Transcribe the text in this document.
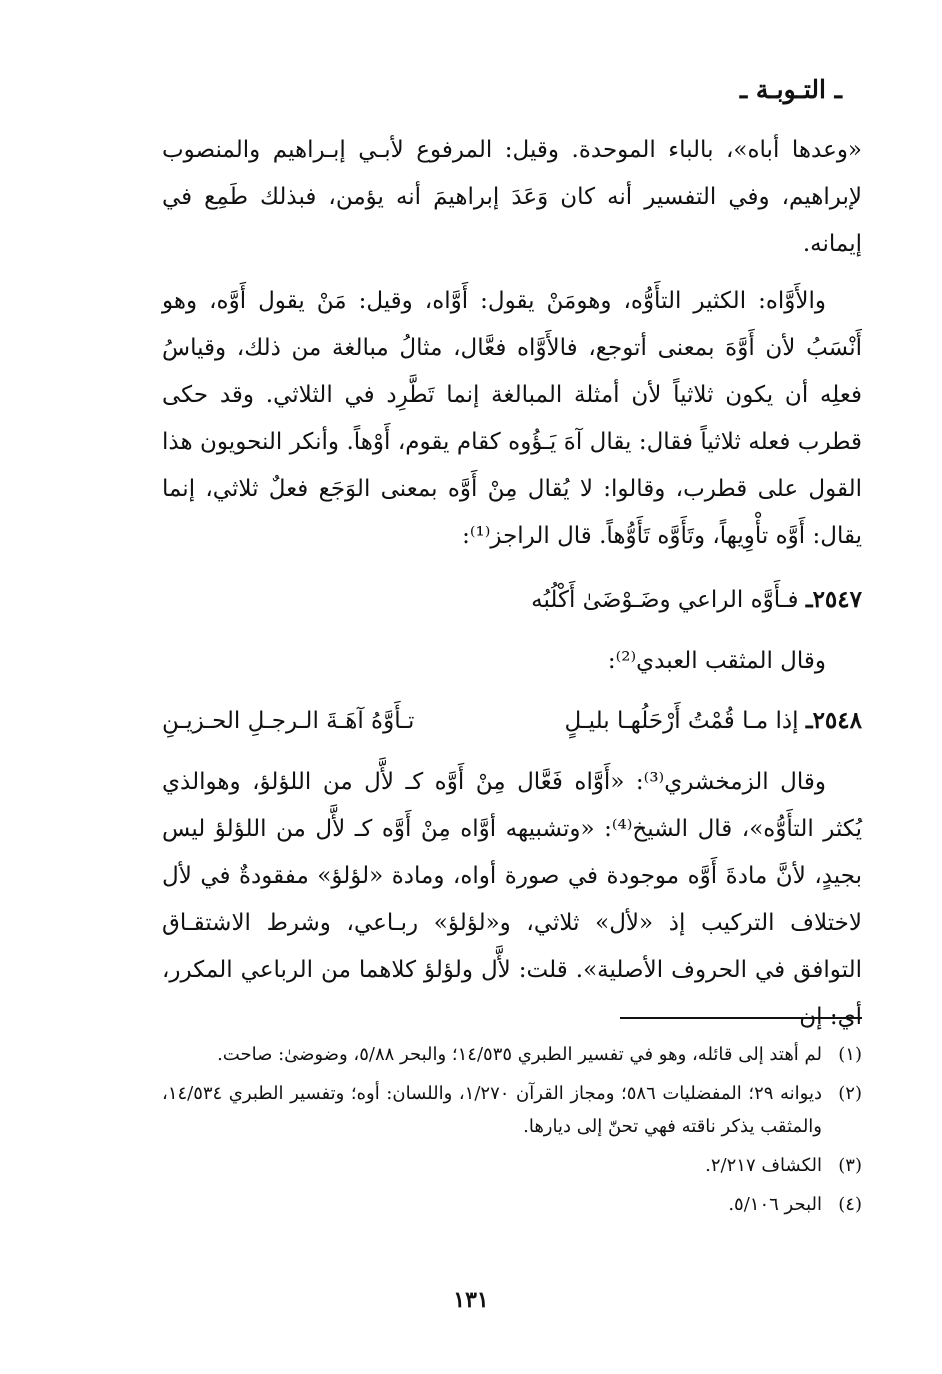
ـ التـوبـة ـ

«وعدها أباه»، بالباء الموحدة. وقيل: المرفوع لأبـي إبـراهيم والمنصوب لإبراهيم، وفي التفسير أنه كان وَعَدَ إبراهيمَ أنه يؤمن، فبذلك طَمِع في إيمانه.

والأَوَّاه: الكثير التأَوُّه، وهومَنْ يقول: أَوَّاه، وقيل: مَنْ يقول أَوَّه، وهو أَنْسَبُ لأن أَوَّهَ بمعنى أتوجع، فالأَوَّاه فعَّال، مثالُ مبالغة من ذلك، وقياسُ فعلِه أن يكون ثلاثياً لأن أمثلة المبالغة إنما تَطَّرِد في الثلاثي. وقد حكى قطرب فعله ثلاثياً فقال: يقال آهَ يَـؤُوه كقام يقوم، أَوْهاً. وأنكر النحويون هذا القول على قطرب، وقالوا: لا يُقال مِنْ أَوَّه بمعنى الوَجَع فعلٌ ثلاثي، إنما يقال: أَوَّه تأْوِيهاً، وتَأَوَّه تَأَوُّهاً. قال الراجز⁽¹⁾:

٢٥٤٧ـ فـأَوَّه الراعي وضَـوْضَىٰ أَكْلُبُه
وقال المثقب العبدي⁽²⁾:
٢٥٤٨ـ إذا مـا قُمْتُ أَرْحَلُهـا بليـلٍ
تـأَوَّهُ آهَـةَ الـرجـلِ الحـزيـنِ

وقال الزمخشري⁽³⁾: «أَوَّاه فَعَّال مِنْ أَوَّه كـ لأَّل من اللؤلؤ، وهوالذي يُكثر التأَوُّه»، قال الشيخ⁽⁴⁾: «وتشبيهه أوَّاه مِنْ أَوَّه كـ لأَّل من اللؤلؤ ليس بجيدٍ، لأنَّ مادةَ أَوَّه موجودة في صورة أواه، ومادة «لؤلؤ» مفقودةٌ في لأل لاختلاف التركيب إذ «لأل» ثلاثي، و«لؤلؤ» ربـاعي، وشرط الاشتقـاق التوافق في الحروف الأصلية». قلت: لأَّل ولؤلؤ كلاهما من الرباعي المكرر، أي: إن

(١)
لم أهتد إلى قائله، وهو في تفسير الطبري ١٤/٥٣٥؛ والبحر ٥/٨٨، وضوضىٰ: صاحت.
(٢)
ديوانه ٢٩؛ المفضليات ٥٨٦؛ ومجاز القرآن ١/٢٧٠، واللسان: أوه؛ وتفسير الطبري ١٤/٥٣٤، والمثقب يذكر ناقته فهي تحنّ إلى ديارها.
(٣)
الكشاف ٢/٢١٧.
(٤)
البحر ٥/١٠٦.
١٣١
